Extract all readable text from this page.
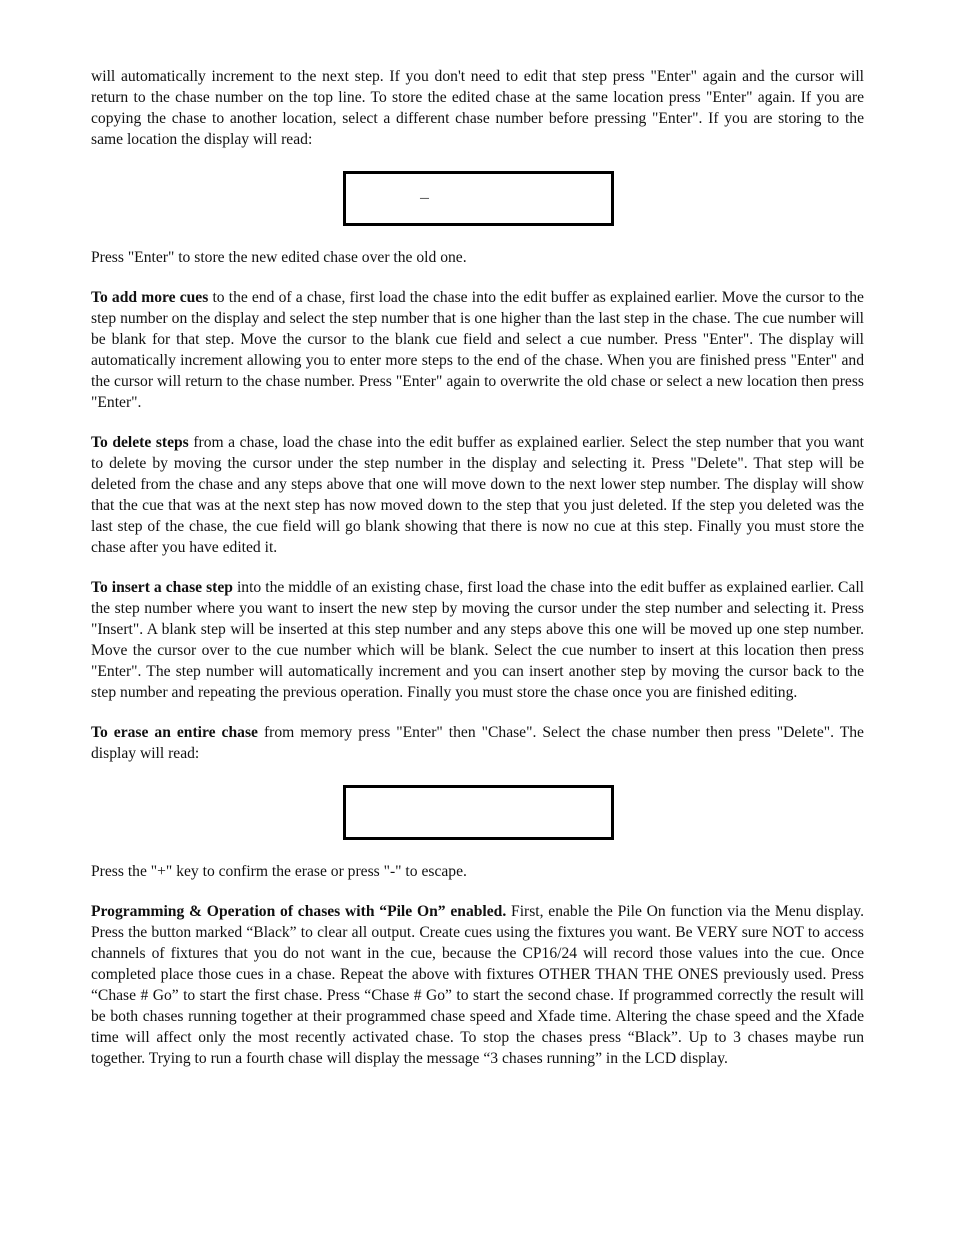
will automatically increment to the next step. If you don't need to edit that step press "Enter" again and the cursor will return to the chase number on the top line. To store the edited chase at the same location press "Enter" again. If you are copying the chase to another location, select a different chase number before pressing "Enter". If you are storing to the same location the display will read:

_

Press "Enter" to store the new edited chase over the old one.

To add more cues to the end of a chase, first load the chase into the edit buffer as explained earlier. Move the cursor to the step number on the display and select the step number that is one higher than the last step in the chase. The cue number will be blank for that step. Move the cursor to the blank cue field and select a cue number. Press "Enter". The display will automatically increment allowing you to enter more steps to the end of the chase. When you are finished press "Enter" and the cursor will return to the chase number. Press "Enter" again to overwrite the old chase or select a new location then press "Enter".

To delete steps from a chase, load the chase into the edit buffer as explained earlier. Select the step number that you want to delete by moving the cursor under the step number in the display and selecting it. Press "Delete". That step will be deleted from the chase and any steps above that one will move down to the next lower step number. The display will show that the cue that was at the next step has now moved down to the step that you just deleted. If the step you deleted was the last step of the chase, the cue field will go blank showing that there is now no cue at this step. Finally you must store the chase after you have edited it.

To insert a chase step into the middle of an existing chase, first load the chase into the edit buffer as explained earlier. Call the step number where you want to insert the new step by moving the cursor under the step number and selecting it. Press "Insert". A blank step will be inserted at this step number and any steps above this one will be moved up one step number. Move the cursor over to the cue number which will be blank. Select the cue number to insert at this location then press "Enter". The step number will automatically increment and you can insert another step by moving the cursor back to the step number and repeating the previous operation. Finally you must store the chase once you are finished editing.

To erase an entire chase from memory press "Enter" then "Chase". Select the chase number then press "Delete". The display will read:

Press the "+" key to confirm the erase or press "-" to escape.

Programming & Operation of chases with “Pile On” enabled. First, enable the Pile On function via the Menu display. Press the button marked “Black” to clear all output. Create cues using the fixtures you want. Be VERY sure NOT to access channels of fixtures that you do not want in the cue, because the CP16/24 will record those values into the cue. Once completed place those cues in a chase. Repeat the above with fixtures OTHER THAN THE ONES previously used. Press “Chase # Go” to start the first chase. Press “Chase # Go” to start the second chase. If programmed correctly the result will be both chases running together at their programmed chase speed and Xfade time. Altering the chase speed and the Xfade time will affect only the most recently activated chase. To stop the chases press “Black”. Up to 3 chases maybe run together. Trying to run a fourth chase will display the message “3 chases running” in the LCD display.
